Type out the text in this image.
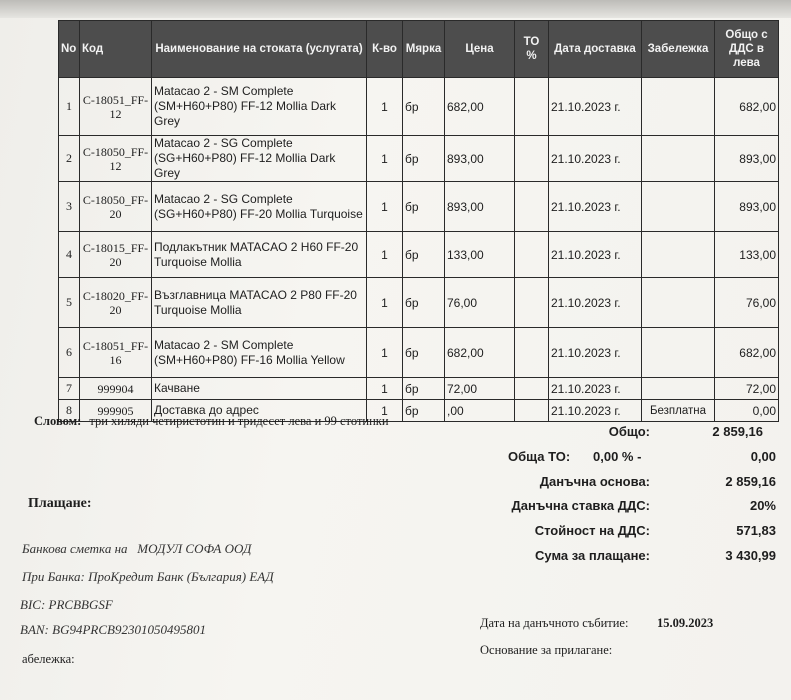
No	Код	Наименование на стоката (услугата)	К-во	Мярка	Цена	ТО %	Дата доставка	Забележка	Общо с ДДС в лева
1	C-18051_FF-12	Matacao 2 - SM Complete (SM+H60+P80) FF-12 Mollia Dark Grey	1	бр	682,00		21.10.2023 г.		682,00
2	C-18050_FF-12	Matacao 2 - SG Complete (SG+H60+P80) FF-12 Mollia Dark Grey	1	бр	893,00		21.10.2023 г.		893,00
3	C-18050_FF-20	Matacao 2 - SG Complete (SG+H60+P80) FF-20 Mollia Turquoise	1	бр	893,00		21.10.2023 г.		893,00
4	C-18015_FF-20	Подлакътник MATACAO 2 H60 FF-20 Turquoise Mollia	1	бр	133,00		21.10.2023 г.		133,00
5	C-18020_FF-20	Възглавница MATACAO 2 P80 FF-20 Turquoise Mollia	1	бр	76,00		21.10.2023 г.		76,00
6	C-18051_FF-16	Matacao 2 - SM Complete (SM+H60+P80) FF-16 Mollia Yellow	1	бр	682,00		21.10.2023 г.		682,00
7	999904	Качване	1	бр	72,00		21.10.2023 г.		72,00
8	999905	Доставка до адрес	1	бр	,00		21.10.2023 г.	Безплатна	0,00
Словом: три хиляди четиристотин и тридесет лева и 99 стотинки
Общо:	2 859,16
Обща ТО: 0,00 % -	0,00
Данъчна основа:	2 859,16
Данъчна ставка ДДС:	20%
Стойност на ДДС:	571,83
Сума за плащане:	3 430,99
Плащане:
Банкова сметка на МОДУЛ СОФА ООД
При Банка: ПроКредит Банк (България) ЕАД
BIC: PRCBBGSF
BAN: BG94PRCB92301050495801
абележка:
Дата на данъчното събитие: 15.09.2023
Основание за прилагане:
